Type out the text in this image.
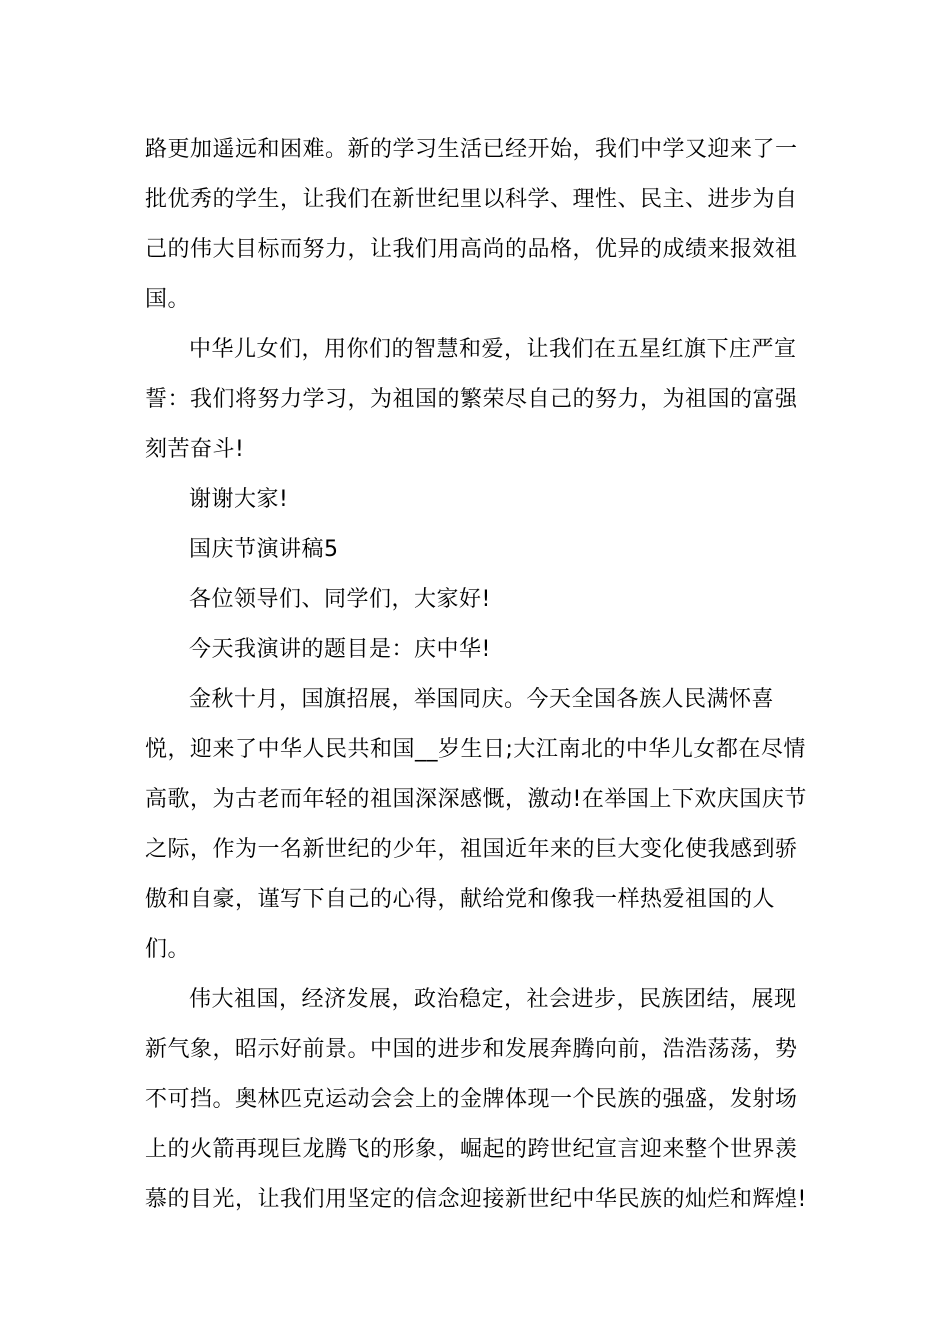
路更加遥远和困难。新的学习生活已经开始，我们中学又迎来了一
批优秀的学生，让我们在新世纪里以科学、理性、民主、进步为自
己的伟大目标而努力，让我们用高尚的品格，优异的成绩来报效祖
国。

中华儿女们，用你们的智慧和爱，让我们在五星红旗下庄严宣
誓：我们将努力学习，为祖国的繁荣尽自己的努力，为祖国的富强
刻苦奋斗!

谢谢大家!

国庆节演讲稿5

各位领导们、同学们，大家好!

今天我演讲的题目是：庆中华!

金秋十月，国旗招展，举国同庆。今天全国各族人民满怀喜
悦，迎来了中华人民共和国__岁生日;大江南北的中华儿女都在尽情
高歌，为古老而年轻的祖国深深感慨，激动!在举国上下欢庆国庆节
之际，作为一名新世纪的少年，祖国近年来的巨大变化使我感到骄
傲和自豪，谨写下自己的心得，献给党和像我一样热爱祖国的人
们。

伟大祖国，经济发展，政治稳定，社会进步，民族团结，展现
新气象，昭示好前景。中国的进步和发展奔腾向前，浩浩荡荡，势
不可挡。奥林匹克运动会会上的金牌体现一个民族的强盛，发射场
上的火箭再现巨龙腾飞的形象，崛起的跨世纪宣言迎来整个世界羡
慕的目光，让我们用坚定的信念迎接新世纪中华民族的灿烂和辉煌!
